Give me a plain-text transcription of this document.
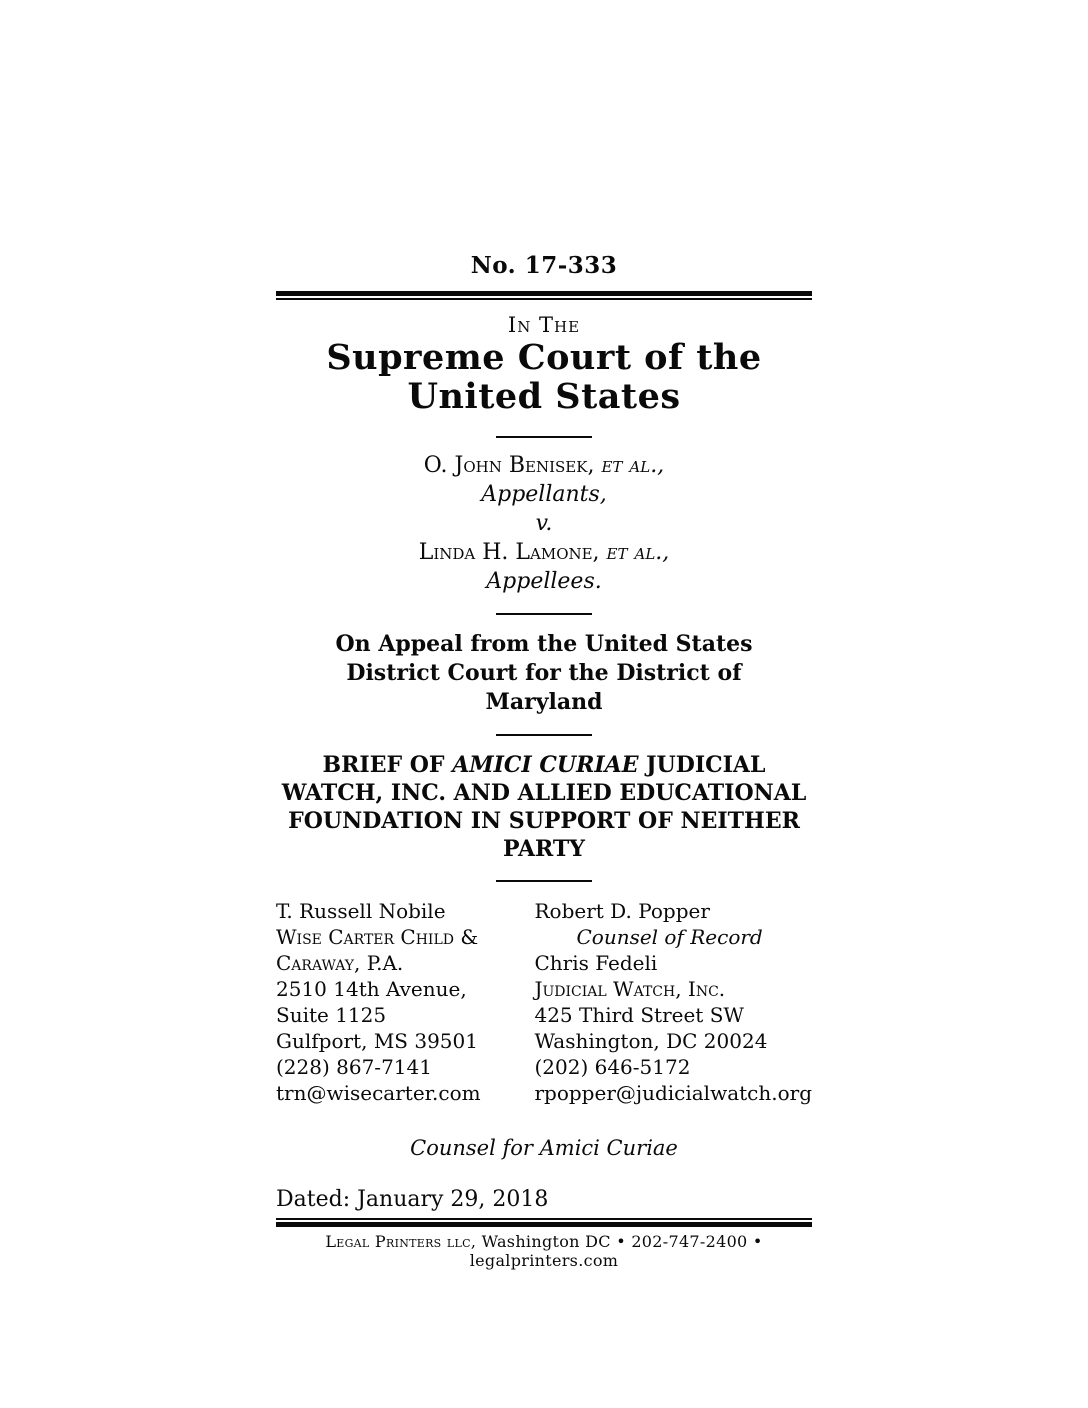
No. 17-333
In The
Supreme Court of the United States
O. John Benisek, et al.,
Appellants,
v.
Linda H. Lamone, et al.,
Appellees.
On Appeal from the United States District Court for the District of Maryland
BRIEF OF AMICI CURIAE JUDICIAL WATCH, INC. AND ALLIED EDUCATIONAL FOUNDATION IN SUPPORT OF NEITHER PARTY
T. Russell Nobile
Wise Carter Child &
Caraway, P.A.
2510 14th Avenue,
Suite 1125
Gulfport, MS 39501
(228) 867-7141
trn@wisecarter.com
Robert D. Popper
Counsel of Record
Chris Fedeli
Judicial Watch, Inc.
425 Third Street SW
Washington, DC 20024
(202) 646-5172
rpopper@judicialwatch.org
Counsel for Amici Curiae
Dated: January 29, 2018
Legal Printers llc, Washington DC • 202-747-2400 • legalprinters.com
